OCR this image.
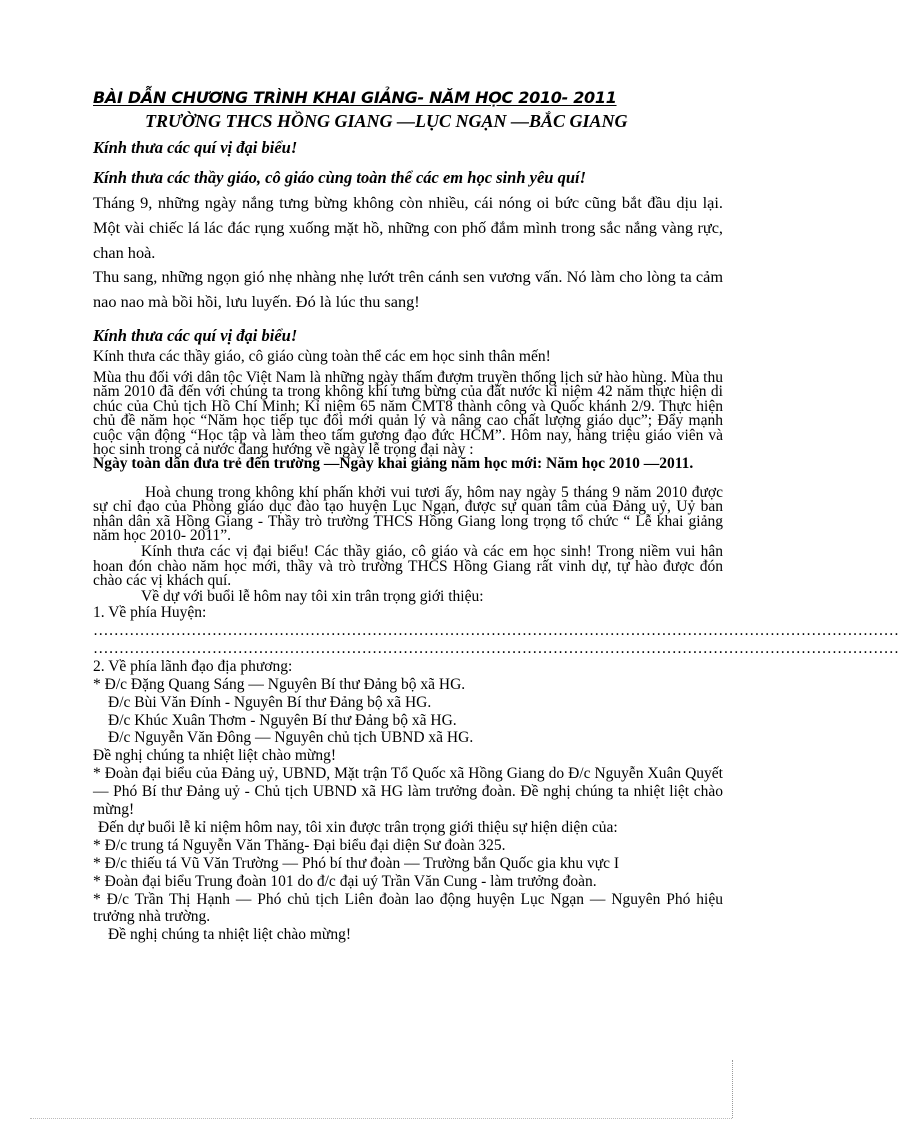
BÀI DẪN CHƯƠNG TRÌNH KHAI GIẢNG- NĂM HỌC 2010- 2011

TRƯỜNG THCS HỒNG GIANG —LỤC NGẠN —BẮC GIANG

Kính thưa các quí vị đại biểu!

Kính thưa các thầy giáo, cô giáo cùng toàn thể các em học sinh yêu quí!

Tháng 9, những ngày nắng tưng bừng không còn nhiều, cái nóng oi bức cũng bắt đầu dịu lại. Một vài chiếc lá lác đác rụng xuống mặt hồ, những con phố đắm mình trong sắc nắng vàng rực, chan hoà.

Thu sang, những ngọn gió nhẹ nhàng nhẹ lướt trên cánh sen vương vấn. Nó làm cho lòng ta cảm nao nao mà bồi hồi, lưu luyến. Đó là lúc thu sang!

Kính thưa các quí vị đại biểu!

Kính thưa các thầy giáo, cô giáo cùng toàn thể các em học sinh thân mến!

Mùa thu đối với dân tộc Việt Nam là những ngày thấm đượm truyền thống lịch sử hào hùng. Mùa thu năm 2010 đã đến với chúng ta trong không khí tưng bừng của đất nước kỉ niệm 42 năm thực hiện di chúc của Chủ tịch Hồ Chí Minh; Kỉ niệm 65 năm CMT8 thành công và Quốc khánh 2/9. Thực hiện chủ đề năm học “Năm học tiếp tục đổi mới quản lý và nâng cao chất lượng giáo dục”; Đẩy mạnh cuộc vận động “Học tập và làm theo tấm gương đạo đức HCM”. Hôm nay, hàng triệu giáo viên và học sinh trong cả nước đang hướng về ngày lễ trọng đại này :

Ngày toàn dân đưa trẻ đến trường —Ngày khai giảng năm học mới: Năm học 2010 —2011.

Hoà chung trong không khí phấn khởi vui tươi ấy, hôm nay ngày 5 tháng 9 năm 2010 được sự chỉ đạo của Phòng giáo dục đào tạo huyện Lục Ngạn, được sự quan tâm của Đảng uỷ, Uỷ ban nhân dân xã Hồng Giang - Thầy trò trường THCS Hồng Giang long trọng tổ chức “ Lễ khai giảng năm học 2010- 2011”.

Kính thưa các vị đại biểu! Các thầy giáo, cô giáo và các em học sinh! Trong niềm vui hân hoan đón chào năm học mới, thầy và trò trường THCS Hồng Giang rất vinh dự, tự hào được đón chào các vị khách quí.

Về dự với buổi lễ hôm nay tôi xin trân trọng giới thiệu:

1. Về phía Huyện:

…………………………………………………………………………………………………………………………………………

…………………………………………………………………………………………………………………………………………

2. Về phía lãnh đạo địa phương:

* Đ/c Đặng Quang Sáng — Nguyên Bí thư Đảng bộ xã HG.

Đ/c Bùi Văn Đính - Nguyên Bí thư Đảng bộ xã HG.

Đ/c Khúc Xuân Thơm - Nguyên Bí thư Đảng bộ xã HG.

Đ/c Nguyễn Văn Đông — Nguyên chủ tịch UBND xã HG.

Đề nghị chúng ta nhiệt liệt chào mừng!

* Đoàn đại biểu của Đảng uỷ, UBND, Mặt trận Tổ Quốc xã Hồng Giang do Đ/c Nguyễn Xuân Quyết — Phó Bí thư Đảng uỷ - Chủ tịch UBND xã HG làm trưởng đoàn. Đề nghị chúng ta nhiệt liệt chào mừng!

Đến dự buổi lễ kỉ niệm hôm nay, tôi xin được trân trọng giới thiệu sự hiện diện của:

* Đ/c trung tá Nguyễn Văn Thăng- Đại biểu đại diện Sư đoàn 325.

* Đ/c thiếu tá Vũ Văn Trường — Phó bí thư đoàn — Trường bắn Quốc gia khu vực I

* Đoàn đại biểu Trung đoàn 101 do đ/c đại uý Trần Văn Cung - làm trưởng đoàn.

* Đ/c Trần Thị Hạnh — Phó chủ tịch Liên đoàn lao động huyện Lục Ngạn — Nguyên Phó hiệu trưởng nhà trường.

Đề nghị chúng ta nhiệt liệt chào mừng!
